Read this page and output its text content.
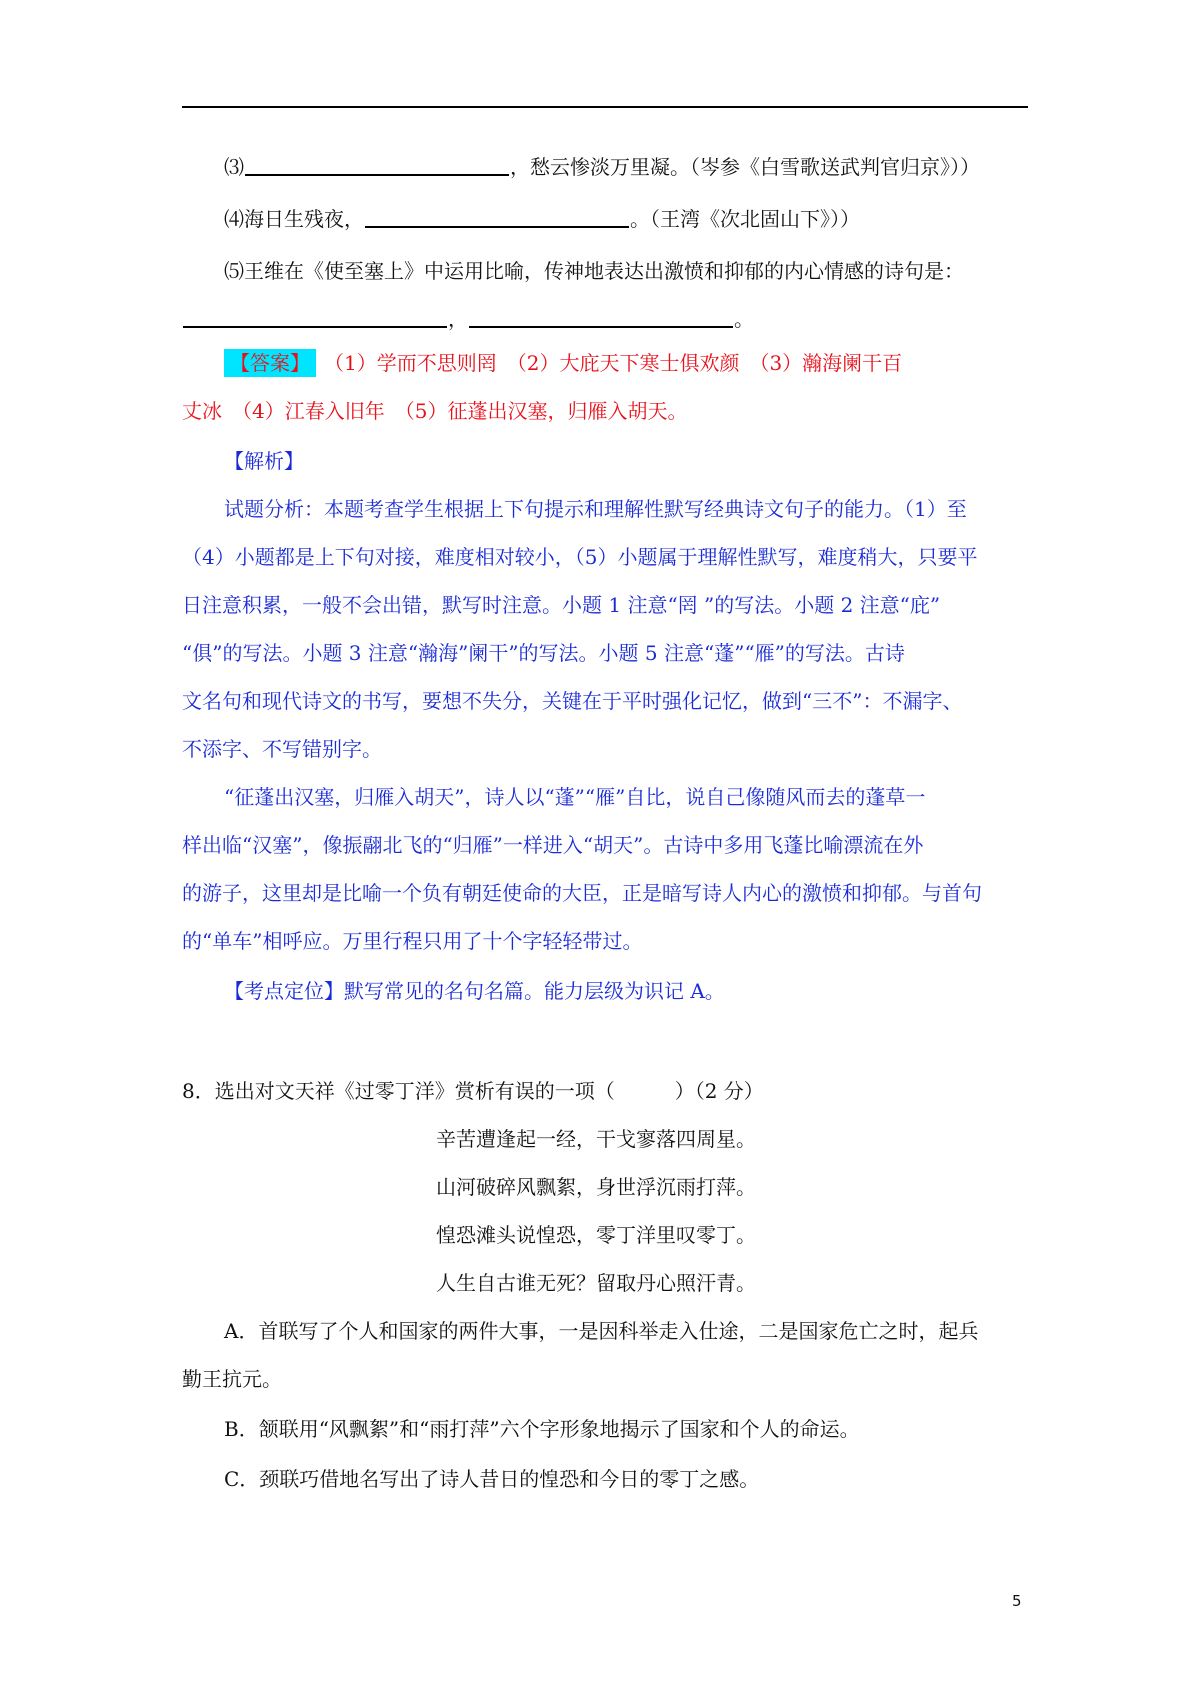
⑶	，愁云惨淡万里凝。（岑参《白雪歌送武判官归京》））
⑷海日生残夜，	。（王湾《次北固山下》））
⑸王维在《使至塞上》中运用比喻，传神地表达出激愤和抑郁的内心情感的诗句是：
，	。
【答案】 （1）学而不思则罔　（2）大庇天下寒士俱欢颜　（3）瀚海阑干百
丈冰　（4）江春入旧年　（5）征蓬出汉塞，归雁入胡天。
【解析】
试题分析：本题考查学生根据上下句提示和理解性默写经典诗文句子的能力。（1）至
（4）小题都是上下句对接，难度相对较小，（5）小题属于理解性默写，难度稍大，只要平
日注意积累，一般不会出错，默写时注意。小题 1 注意“罔 ”的写法。小题 2 注意“庇”
“俱”的写法。小题 3 注意“瀚海”阑干”的写法。小题 5 注意“蓬”“雁”的写法。古诗
文名句和现代诗文的书写，要想不失分，关键在于平时强化记忆，做到“三不”：不漏字、
不添字、不写错别字。
“征蓬出汉塞，归雁入胡天”，诗人以“蓬”“雁”自比，说自己像随风而去的蓬草一
样出临“汉塞”，像振翮北飞的“归雁”一样进入“胡天”。古诗中多用飞蓬比喻漂流在外
的游子，这里却是比喻一个负有朝廷使命的大臣，正是暗写诗人内心的激愤和抑郁。与首句
的“单车”相呼应。万里行程只用了十个字轻轻带过。
【考点定位】默写常见的名句名篇。能力层级为识记 A。
8．选出对文天祥《过零丁洋》赏析有误的一项（　　　）（2 分）
辛苦遭逢起一经，干戈寥落四周星。
山河破碎风飘絮，身世浮沉雨打萍。
惶恐滩头说惶恐，零丁洋里叹零丁。
人生自古谁无死？留取丹心照汗青。
A．首联写了个人和国家的两件大事，一是因科举走入仕途，二是国家危亡之时，起兵
勤王抗元。
B．颔联用“风飘絮”和“雨打萍”六个字形象地揭示了国家和个人的命运。
C．颈联巧借地名写出了诗人昔日的惶恐和今日的零丁之感。
5
